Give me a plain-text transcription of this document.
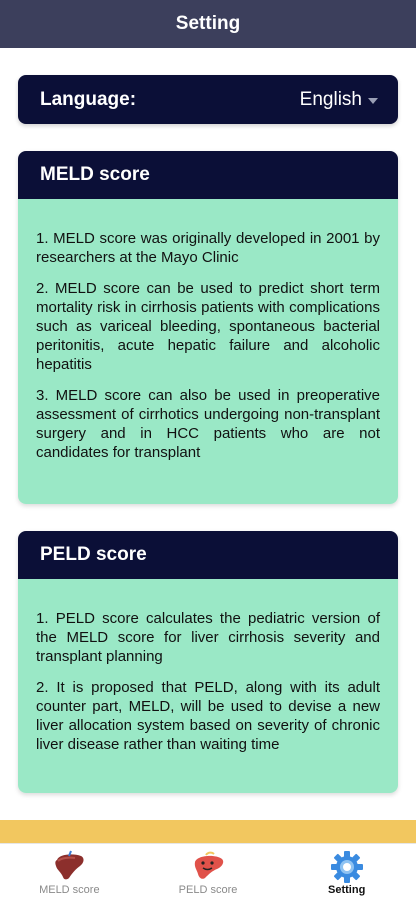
Setting
Language:	English
MELD score

1. MELD score was originally developed in 2001 by researchers at the Mayo Clinic

2. MELD score can be used to predict short term mortality risk in cirrhosis patients with complications such as variceal bleeding, spontaneous bacterial peritonitis, acute hepatic failure and alcoholic hepatitis

3. MELD score can also be used in preoperative assessment of cirrhotics undergoing non-transplant surgery and in HCC patients who are not candidates for transplant

PELD score

1. PELD score calculates the pediatric version of the MELD score for liver cirrhosis severity and transplant planning

2. It is proposed that PELD, along with its adult counter part, MELD, will be used to devise a new liver allocation system based on severity of chronic liver disease rather than waiting time

MELD score	PELD score	Setting
